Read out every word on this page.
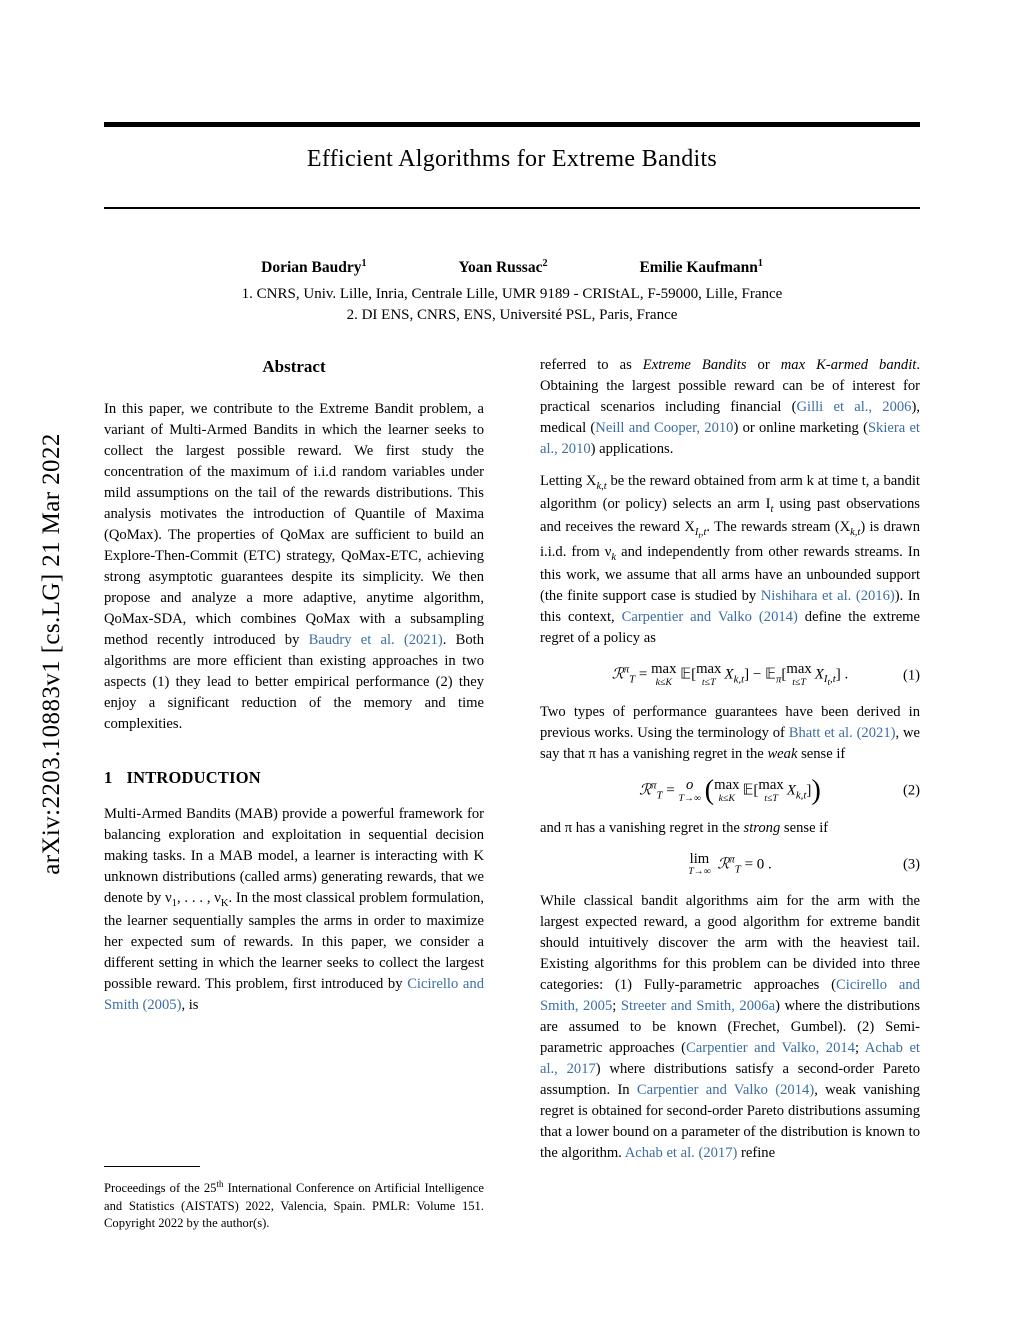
arXiv:2203.10883v1 [cs.LG] 21 Mar 2022
Efficient Algorithms for Extreme Bandits
Dorian Baudry$^1$	Yoan Russac$^2$	Emilie Kaufmann$^1$
1. CNRS, Univ. Lille, Inria, Centrale Lille, UMR 9189 - CRIStAL, F-59000, Lille, France
2. DI ENS, CNRS, ENS, Université PSL, Paris, France
Abstract

In this paper, we contribute to the Extreme Bandit problem, a variant of Multi-Armed Bandits in which the learner seeks to collect the largest possible reward. We first study the concentration of the maximum of i.i.d random variables under mild assumptions on the tail of the rewards distributions. This analysis motivates the introduction of Quantile of Maxima (QoMax). The properties of QoMax are sufficient to build an Explore-Then-Commit (ETC) strategy, QoMax-ETC, achieving strong asymptotic guarantees despite its simplicity. We then propose and analyze a more adaptive, anytime algorithm, QoMax-SDA, which combines QoMax with a subsampling method recently introduced by Baudry et al. (2021). Both algorithms are more efficient than existing approaches in two aspects (1) they lead to better empirical performance (2) they enjoy a significant reduction of the memory and time complexities.

1 INTRODUCTION

Multi-Armed Bandits (MAB) provide a powerful framework for balancing exploration and exploitation in sequential decision making tasks. In a MAB model, a learner is interacting with K unknown distributions (called arms) generating rewards, that we denote by $\nu_1$, . . . , $\nu_K$. In the most classical problem formulation, the learner sequentially samples the arms in order to maximize her expected sum of rewards. In this paper, we consider a different setting in which the learner seeks to collect the largest possible reward. This problem, first introduced by Cicirello and Smith (2005), is

referred to as Extreme Bandits or max K-armed bandit. Obtaining the largest possible reward can be of interest for practical scenarios including financial (Gilli et al., 2006), medical (Neill and Cooper, 2010) or online marketing (Skiera et al., 2010) applications.

Letting $X_{k,t}$ be the reward obtained from arm k at time t, a bandit algorithm (or policy) selects an arm $I_t$ using past observations and receives the reward $X_{I_t,t}$. The rewards stream $(X_{k,t})$ is drawn i.i.d. from $\nu_k$ and independently from other rewards streams. In this work, we assume that all arms have an unbounded support (the finite support case is studied by Nishihara et al. (2016)). In this context, Carpentier and Valko (2014) define the extreme regret of a policy as

ℛ$^\pi_T$ = max
k≤K 𝔼[max
t≤T
  $X_{k,t}$] − 𝔼$_\pi$[max
t≤T
  $X_{I_t,t}$] .	(1)

Two types of performance guarantees have been derived in previous works. Using the terminology of Bhatt et al. (2021), we say that π has a vanishing regret in the weak sense if

ℛ$^\pi_T$ = o
T→∞ (max
k≤K  𝔼[max
t≤T
  $X_{k,t}$])	(2)

and π has a vanishing regret in the strong sense if

lim
T→∞
  ℛ$^\pi_T$ = 0 .	(3)

While classical bandit algorithms aim for the arm with the largest expected reward, a good algorithm for extreme bandit should intuitively discover the arm with the heaviest tail. Existing algorithms for this problem can be divided into three categories: (1) Fully-parametric approaches (Cicirello and Smith, 2005; Streeter and Smith, 2006a) where the distributions are assumed to be known (Frechet, Gumbel). (2) Semi-parametric approaches (Carpentier and Valko, 2014; Achab et al., 2017) where distributions satisfy a second-order Pareto assumption. In Carpentier and Valko (2014), weak vanishing regret is obtained for second-order Pareto distributions assuming that a lower bound on a parameter of the distribution is known to the algorithm. Achab et al. (2017) refine

Proceedings of the 25th International Conference on Artificial Intelligence and Statistics (AISTATS) 2022, Valencia, Spain. PMLR: Volume 151. Copyright 2022 by the author(s).
